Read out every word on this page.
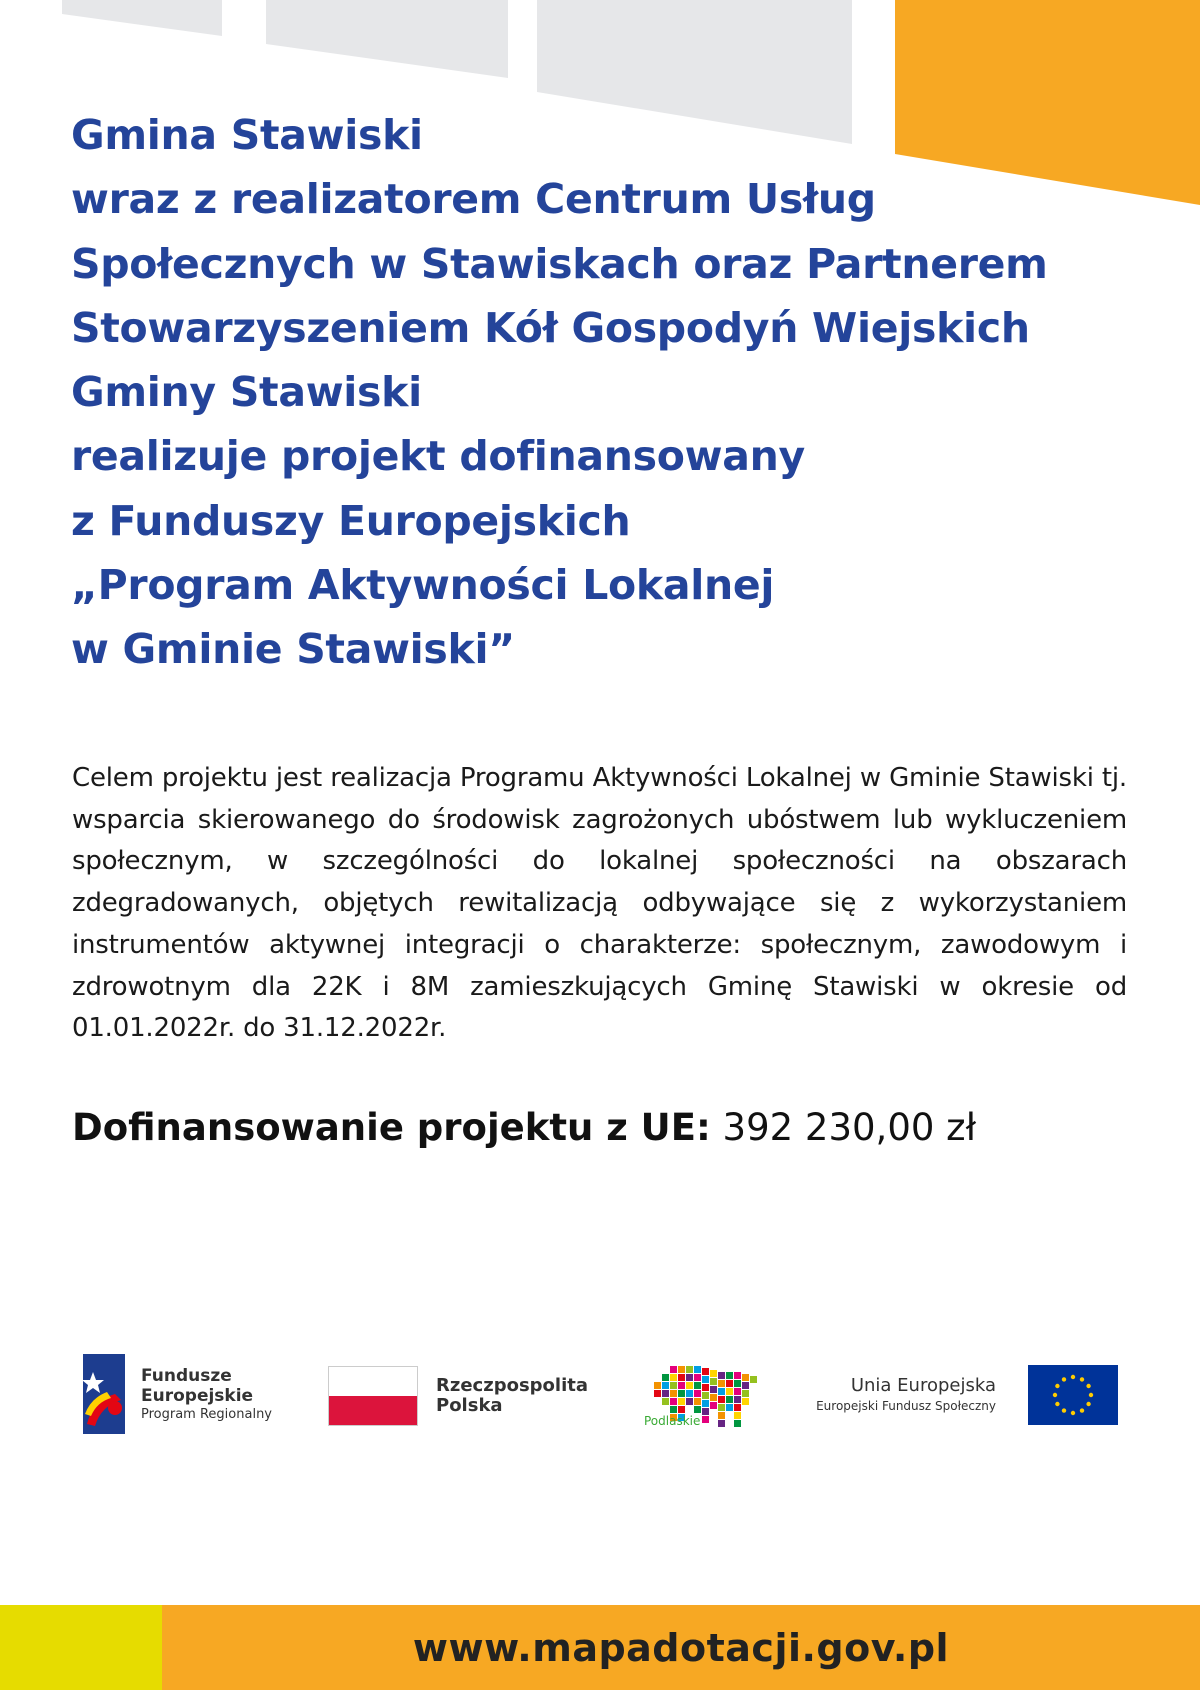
Gmina Stawiski
wraz z realizatorem Centrum Usług
Społecznych w Stawiskach oraz Partnerem
Stowarzyszeniem Kół Gospodyń Wiejskich
Gminy Stawiski
realizuje projekt dofinansowany
z Funduszy Europejskich
„Program Aktywności Lokalnej
w Gminie Stawiski”

Celem projektu jest realizacja Programu Aktywności Lokalnej w Gminie Stawiski tj. wsparcia skierowanego do środowisk zagrożonych ubóstwem lub wykluczeniem społecznym, w szczególności do lokalnej społeczności na obszarach zdegradowanych, objętych rewitalizacją odbywające się z wykorzystaniem instrumentów aktywnej integracji o charakterze: społecznym, zawodowym i zdrowotnym dla 22K i 8M zamieszkujących Gminę Stawiski w okresie od 01.01.2022r. do 31.12.2022r.

Dofinansowanie projektu z UE: 392 230,00 zł

Fundusze
Europejskie
Program Regionalny
Rzeczpospolita
Polska
Podlaskie
Unia Europejska
Europejski Fundusz Społeczny
www.mapadotacji.gov.pl
